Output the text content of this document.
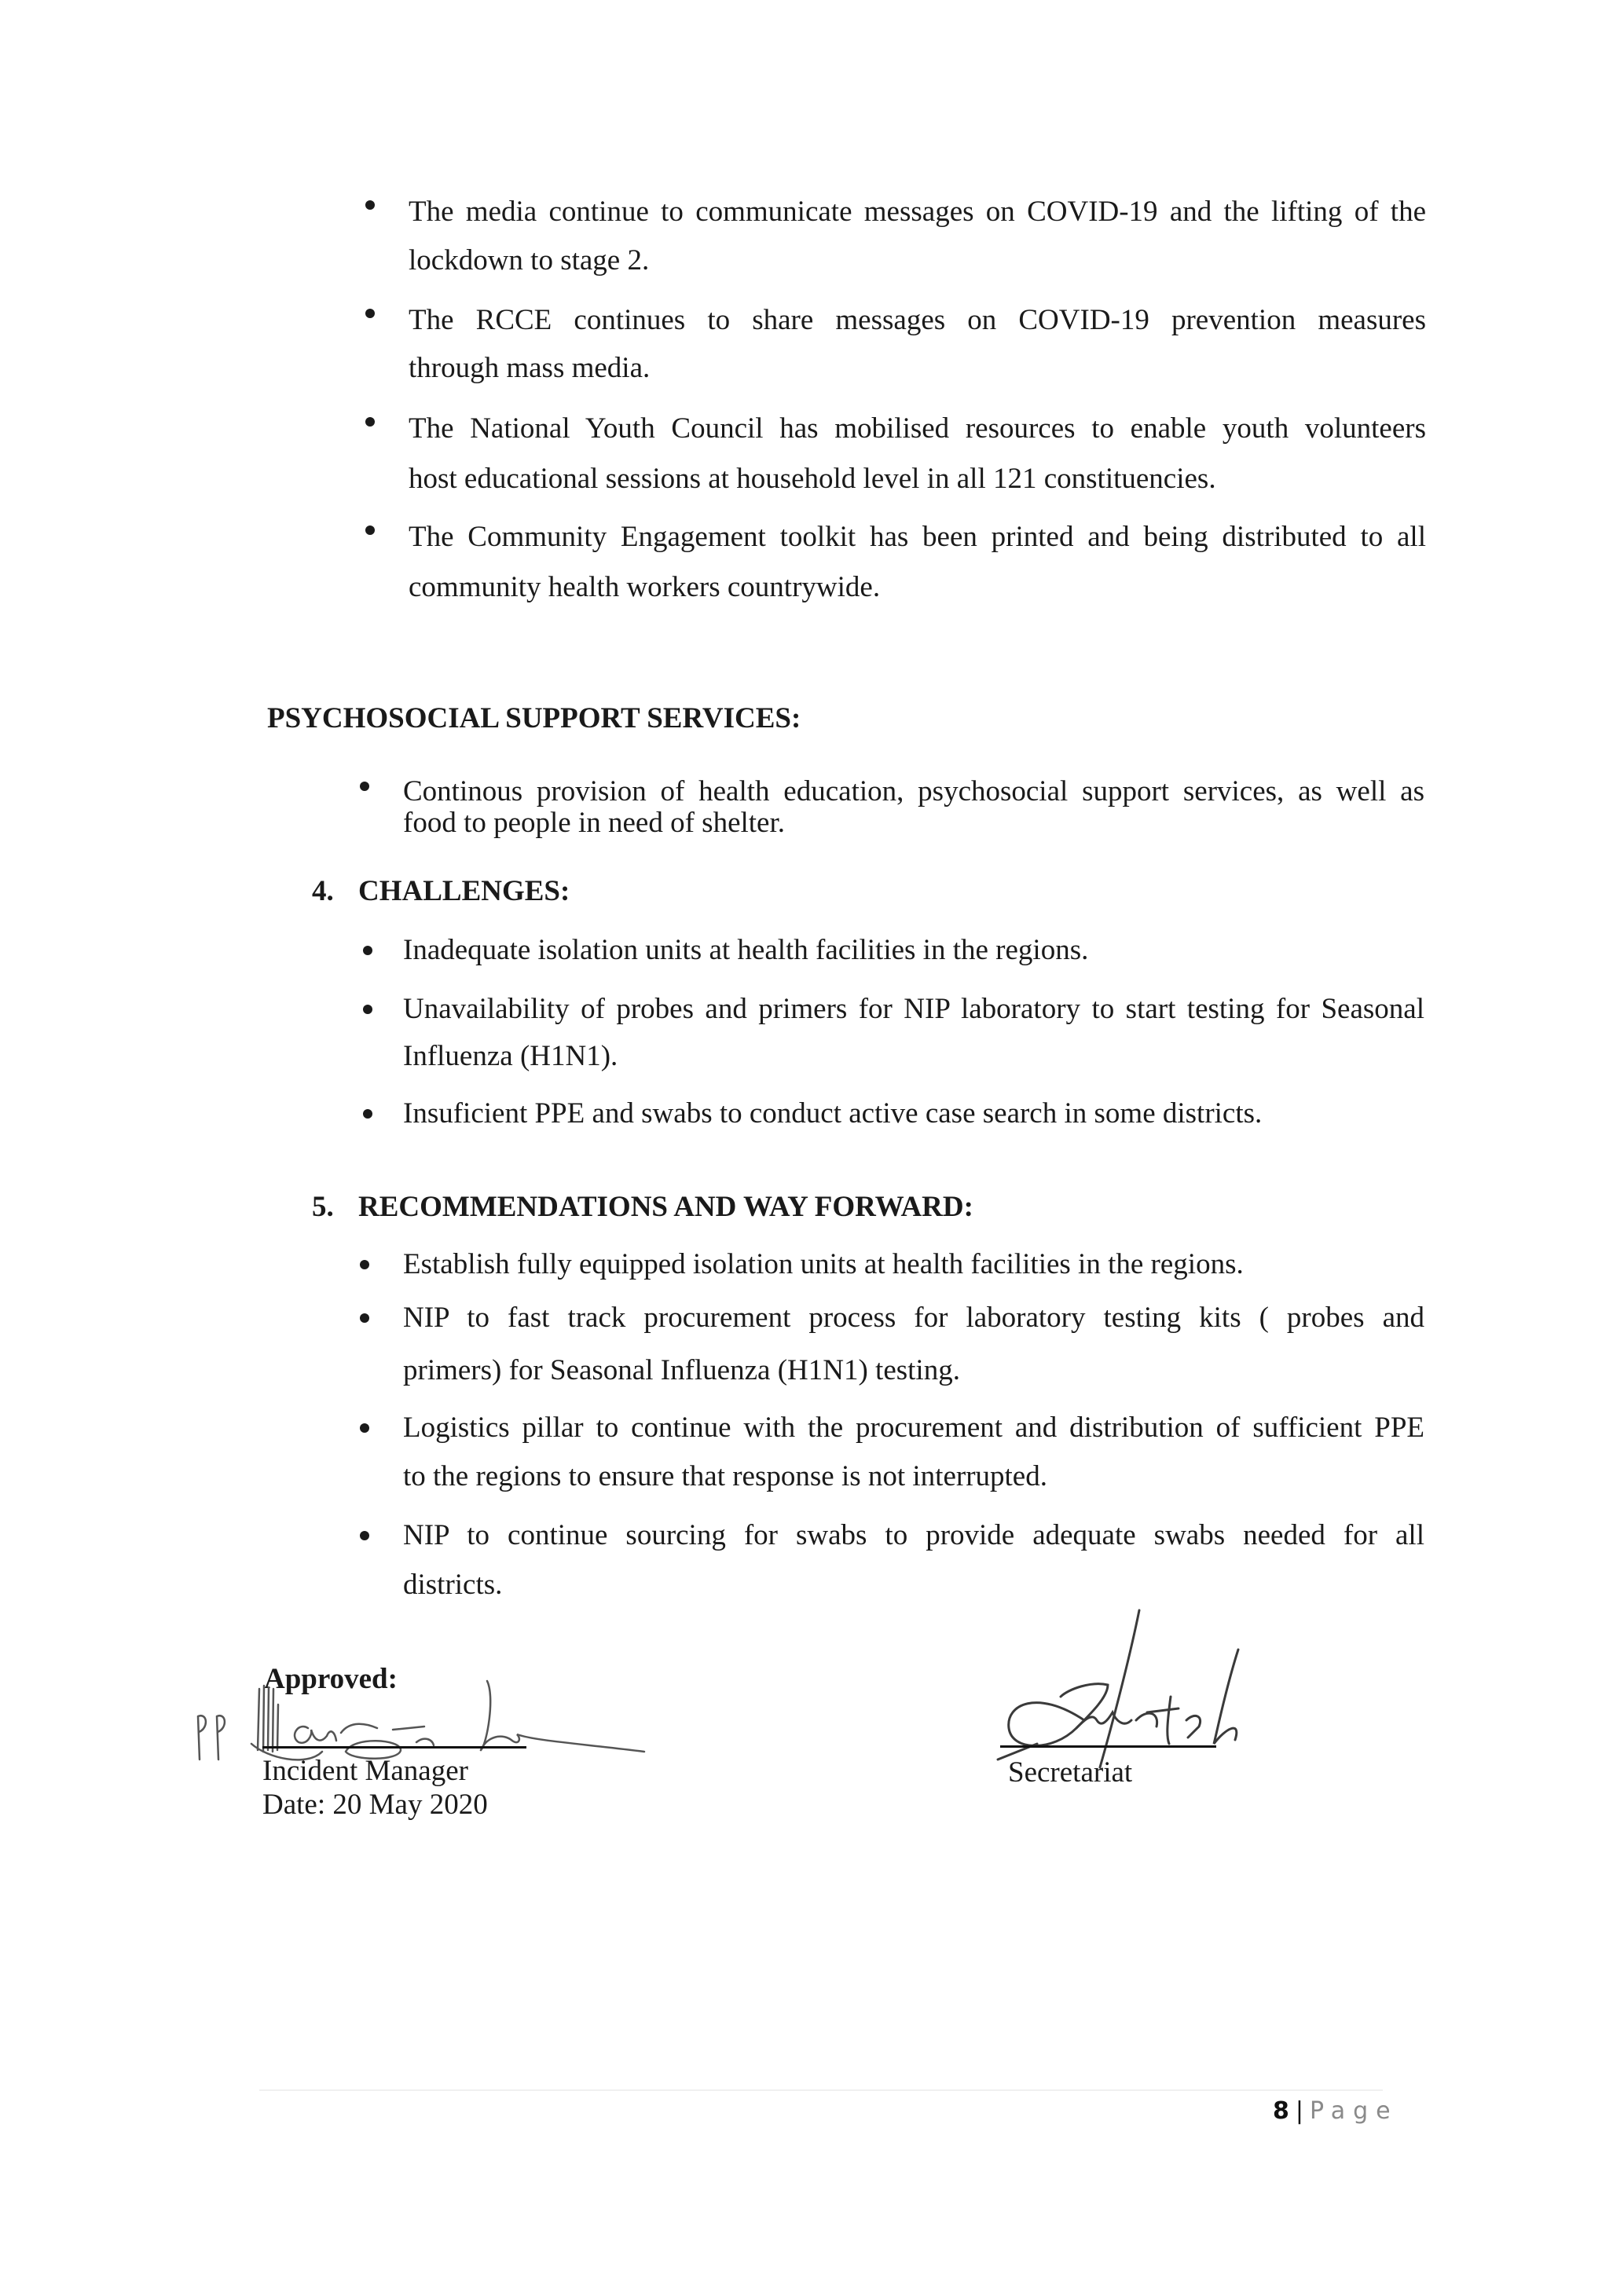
The media continue to communicate messages on COVID-19 and the lifting of the
lockdown to stage 2.
The RCCE continues to share messages on COVID-19 prevention measures
through mass media.
The National Youth Council has mobilised resources to enable youth volunteers
host educational sessions at household level in all 121 constituencies.
The Community Engagement toolkit has been printed and being distributed to all
community health workers countrywide.
PSYCHOSOCIAL SUPPORT SERVICES:
Continous provision of health education, psychosocial support services, as well as
food to people in need of shelter.
4. CHALLENGES:
Inadequate isolation units at health facilities in the regions.
Unavailability of probes and primers for NIP laboratory to start testing for Seasonal
Influenza (H1N1).
Insuficient PPE and swabs to conduct active case search in some districts.
5. RECOMMENDATIONS AND WAY FORWARD:
Establish fully equipped isolation units at health facilities in the regions.
NIP to fast track procurement process for laboratory testing kits ( probes and
primers) for Seasonal Influenza (H1N1) testing.
Logistics pillar to continue with the procurement and distribution of sufficient PPE
to the regions to ensure that response is not interrupted.
NIP to continue sourcing for swabs to provide adequate swabs needed for all
districts.
Approved:
Incident Manager
Date: 20 May 2020
Secretariat
8 | Page
